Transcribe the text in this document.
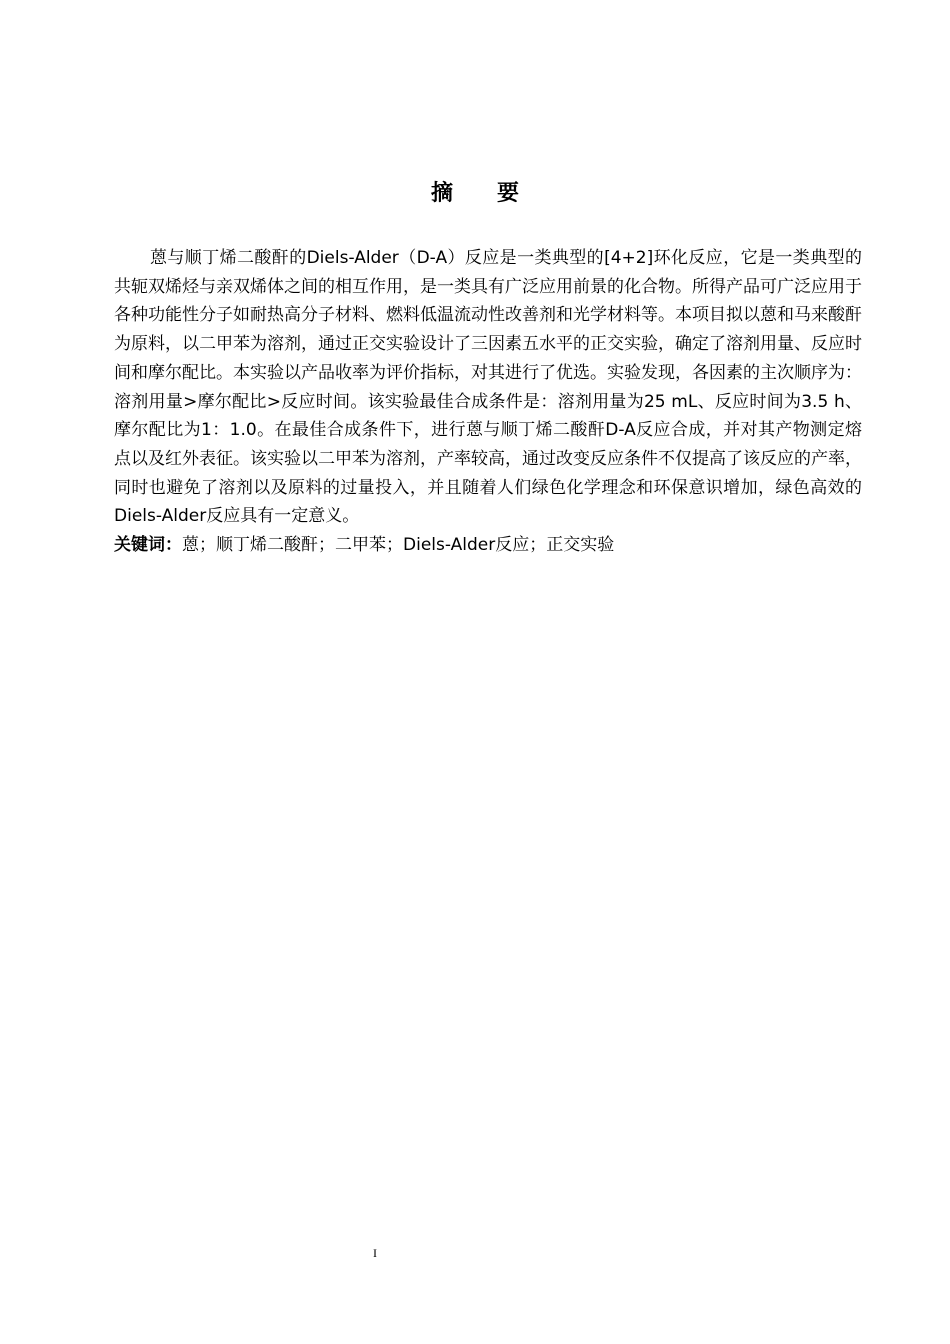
摘　　要

蒽与顺丁烯二酸酐的Diels-Alder（D-A）反应是一类典型的[4+2]环化反应，它是一类典型的共轭双烯烃与亲双烯体之间的相互作用，是一类具有广泛应用前景的化合物。所得产品可广泛应用于各种功能性分子如耐热高分子材料、燃料低温流动性改善剂和光学材料等。本项目拟以蒽和马来酸酐为原料，以二甲苯为溶剂，通过正交实验设计了三因素五水平的正交实验，确定了溶剂用量、反应时间和摩尔配比。本实验以产品收率为评价指标，对其进行了优选。实验发现，各因素的主次顺序为：溶剂用量>摩尔配比>反应时间。该实验最佳合成条件是：溶剂用量为25 mL、反应时间为3.5 h、摩尔配比为1：1.0。在最佳合成条件下，进行蒽与顺丁烯二酸酐D-A反应合成，并对其产物测定熔点以及红外表征。该实验以二甲苯为溶剂，产率较高，通过改变反应条件不仅提高了该反应的产率，同时也避免了溶剂以及原料的过量投入，并且随着人们绿色化学理念和环保意识增加，绿色高效的Diels-Alder反应具有一定意义。

关键词：蒽；顺丁烯二酸酐；二甲苯；Diels-Alder反应；正交实验

I
